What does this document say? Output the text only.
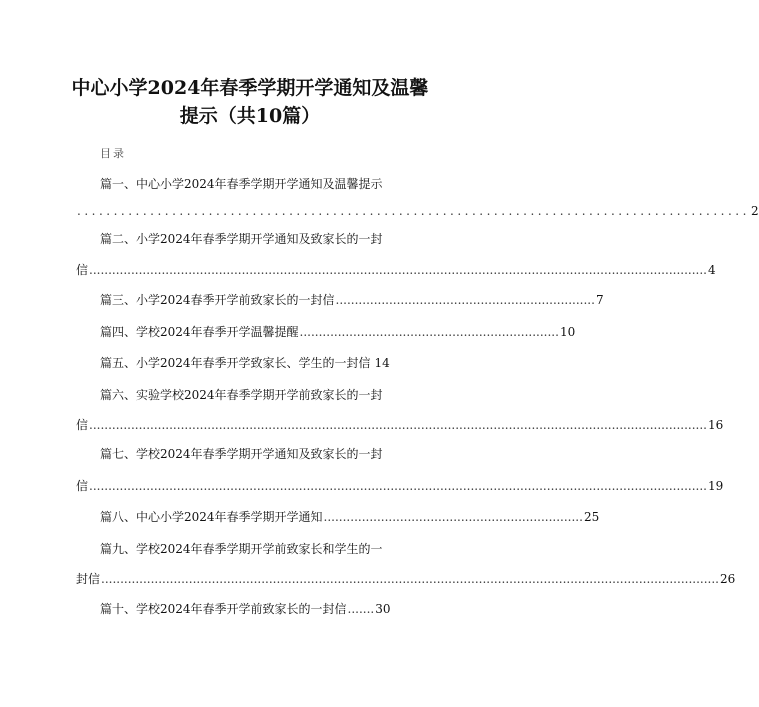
中心小学2024年春季学期开学通知及温馨
提示（共10篇）
目录
篇一、中心小学2024年春季学期开学通知及温馨提示
............................................................................................ 2
篇二、小学2024年春季学期开学通知及致家长的一封
信 .................................................................................................................................................................. 4
篇三、小学2024春季开学前致家长的一封信 .................................................................... 7
篇四、学校2024年春季开学温馨提醒 .................................................................... 10
篇五、小学2024年春季开学致家长、学生的一封信 14
篇六、实验学校2024年春季学期开学前致家长的一封
信 .................................................................................................................................................................. 16
篇七、学校2024年春季学期开学通知及致家长的一封
信 .................................................................................................................................................................. 19
篇八、中心小学2024年春季学期开学通知 .................................................................... 25
篇九、学校2024年春季学期开学前致家长和学生的一
封信 .................................................................................................................................................................. 26
篇十、学校2024年春季开学前致家长的一封信 ....... 30
